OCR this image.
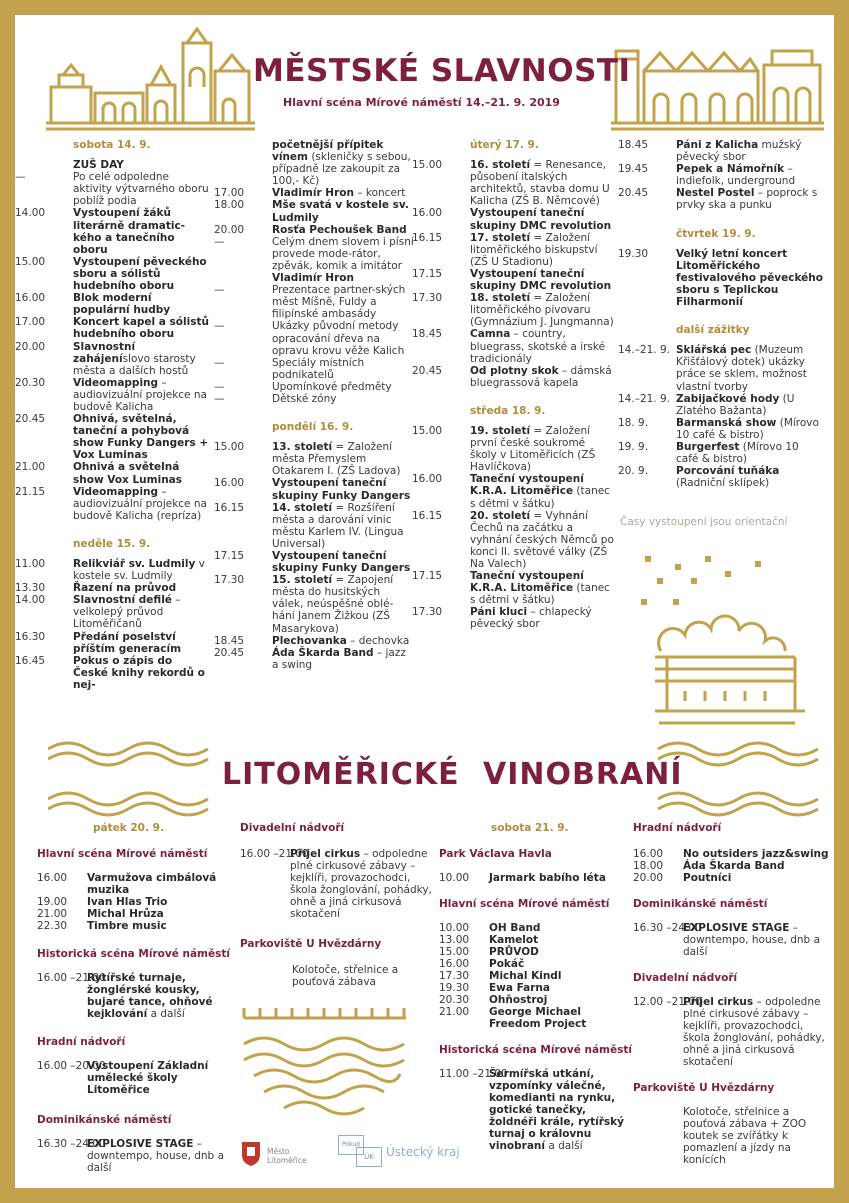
MĚSTSKÉ SLAVNOSTI
Hlavní scéna Mírové náměstí 14.–21. 9. 2019
sobota 14. 9.
ZUŠ DAY
—	Po celé odpoledne aktivity výtvarného oboru poblíž podia
14.00	Vystoupení žáků literárně dramatic-kého a tanečního oboru
15.00	Vystoupení pěveckého sboru a sólistů hudebního oboru
16.00	Blok moderní populární hudby
17.00	Koncert kapel a sólistů hudebního oboru
20.00	Slavnostní zahájeníslovo starosty města a dalších hostů
20.30	Videomapping – audiovizuální projekce na budově Kalicha
20.45	Ohnivá, světelná, taneční a pohybová show Funky Dangers + Vox Luminas
21.00	Ohnivá a světelná show Vox Luminas
21.15	Videomapping – audiovizuální projekce na budově Kalicha (repríza)
neděle 15. 9.
11.00	Relikviář sv. Ludmily v kostele sv. Ludmily
13.30	Řazení na průvod
14.00	Slavnostní defilé – velkolepý průvod Litoměřičanů
16.30	Předání poselství příštím generacím
16.45	Pokus o zápis do České knihy rekordů o nej-
početnější přípitek vínem (skleničky s sebou, případně lze zakoupit za 100,- Kč)
17.00	Vladimír Hron – koncert
18.00	Mše svatá v kostele sv. Ludmily
20.00	Rosťa Pechoušek Band
—	Celým dnem slovem i písní provede mode-rátor, zpěvák, komik a imitátor
Vladimír Hron
—	Prezentace partner-ských měst Míšně, Fuldy a filipínské ambasády
—	Ukázky původní metody opracování dřeva na opravu krovu věže Kalich
—	Speciály místních podnikatelů
—	Upomínkové předměty
—	Dětské zóny
pondělí 16. 9.
15.00	13. století = Založení města Přemyslem Otakarem I. (ZŠ Ladova)
16.00	Vystoupení taneční skupiny Funky Dangers
16.15	14. století = Rozšíření města a darování vinic městu Karlem IV. (Lingua Universal)
17.15	Vystoupení taneční skupiny Funky Dangers
17.30	15. století = Zapojení města do husitských válek, neúspěšné oblé-hání Janem Žižkou (ZŠ Masarykova)
18.45	Plechovanka – dechovka
20.45	Áda Škarda Band – jazz a swing
úterý 17. 9.
15.00	16. století = Renesance, působení italských architektů, stavba domu U Kalicha (ZŠ B. Němcové)
16.00	Vystoupení taneční skupiny DMC revolution
16.15	17. století = Založení litoměřického biskupství (ZŠ U Stadionu)
17.15	Vystoupení taneční skupiny DMC revolution
17.30	18. století = Založení litoměřického pivovaru (Gymnázium J. Jungmanna)
18.45	Camna – country, bluegrass, skotské a irské tradicionály
20.45	Od plotny skok – dámská bluegrassová kapela
středa 18. 9.
15.00	19. století = Založení první české soukromé školy v Litoměřicích (ZŠ Havlíčkova)
16.00	Taneční vystoupení K.R.A. Litoměřice (tanec s dětmi v šátku)
16.15	20. století = Vyhnání Čechů na začátku a vyhnání českých Němců po konci II. světové války (ZŠ Na Valech)
17.15	Taneční vystoupení K.R.A. Litoměřice (tanec s dětmi v šátku)
17.30	Páni kluci – chlapecký pěvecký sbor
18.45	Páni z Kalicha mužský pěvecký sbor
19.45	Pepek a Námořník – indiefolk, underground
20.45	Nestel Postel – poprock s prvky ska a punku
čtvrtek 19. 9.
19.30	Velký letní koncert Litoměřického festivalového pěveckého sboru s Teplickou Filharmonií
další zážitky
14.–21. 9. Sklářská pec (Muzeum Křišťálový dotek) ukázky práce se sklem, možnost vlastní tvorby
14.–21. 9. Zabijačkové hody (U Zlatého Bažanta)
18. 9.	Barmanská show (Mírovo 10 café & bistro)
19. 9.	Burgerfest (Mírovo 10 café & bistro)
20. 9.	Porcování tuňáka (Radniční sklípek)
Časy vystoupení jsou orientační
LITOMĚŘICKÉ VINOBRANÍ
pátek 20. 9.
Hlavní scéna Mírové náměstí
16.00	Varmužova cimbálová muzika
19.00	Ivan Hlas Trio
21.00	Michal Hrůza
22.30	Timbre music
Historická scéna Mírové náměstí
16.00 –21.00
Rytířské turnaje, žonglérské kousky, bujaré tance, ohňové kejklování a další
Hradní nádvoří
16.00 –20.00
Vystoupení Základní umělecké školy Litoměřice
Dominikánské náměstí
16.30 –24.00
EXPLOSIVE STAGE – downtempo, house, dnb a další
Divadelní nádvoří
16.00 –21.00
Přijel cirkus – odpoledne plné cirkusové zábavy – kejklíři, provazochodci, škola žonglování, pohádky, ohně a jiná cirkusová skotačení
Parkoviště U Hvězdárny
Kolotoče, střelnice a pouťová zábava
sobota 21. 9.
Park Václava Havla
10.00	Jarmark babího léta
Hlavní scéna Mírové náměstí
10.00	OH Band
13.00	Kamelot
15.00	PRŮVOD
16.00	Pokáč
17.30	Michal Kindl
19.30	Ewa Farna
20.30	Ohňostroj
21.00	George Michael Freedom Project
Historická scéna Mírové náměstí
11.00 –21.00
Šermířská utkání, vzpomínky válečné, komedianti na rynku, gotické tanečky, žoldnéři krále, rytířský turnaj o královnu vinobraní a další
Hradní nádvoří
16.00	No outsiders jazz&swing
18.00	Áda Škarda Band
20.00	Poutníci
Dominikánské náměstí
16.30 –24.00
EXPLOSIVE STAGE – downtempo, house, dnb a další
Divadelní nádvoří
12.00 –21.00
Přijel cirkus – odpoledne plné cirkusové zábavy – kejklíři, provazochodci, škola žonglování, pohádky, ohně a jiná cirkusová skotačení
Parkoviště U Hvězdárny
Kolotoče, střelnice a pouťová zábava + ZOO koutek se zvířátky k pomazlení a jízdy na konících
Město Litoměřice
Pokud
ÚK	Ústecký kraj
